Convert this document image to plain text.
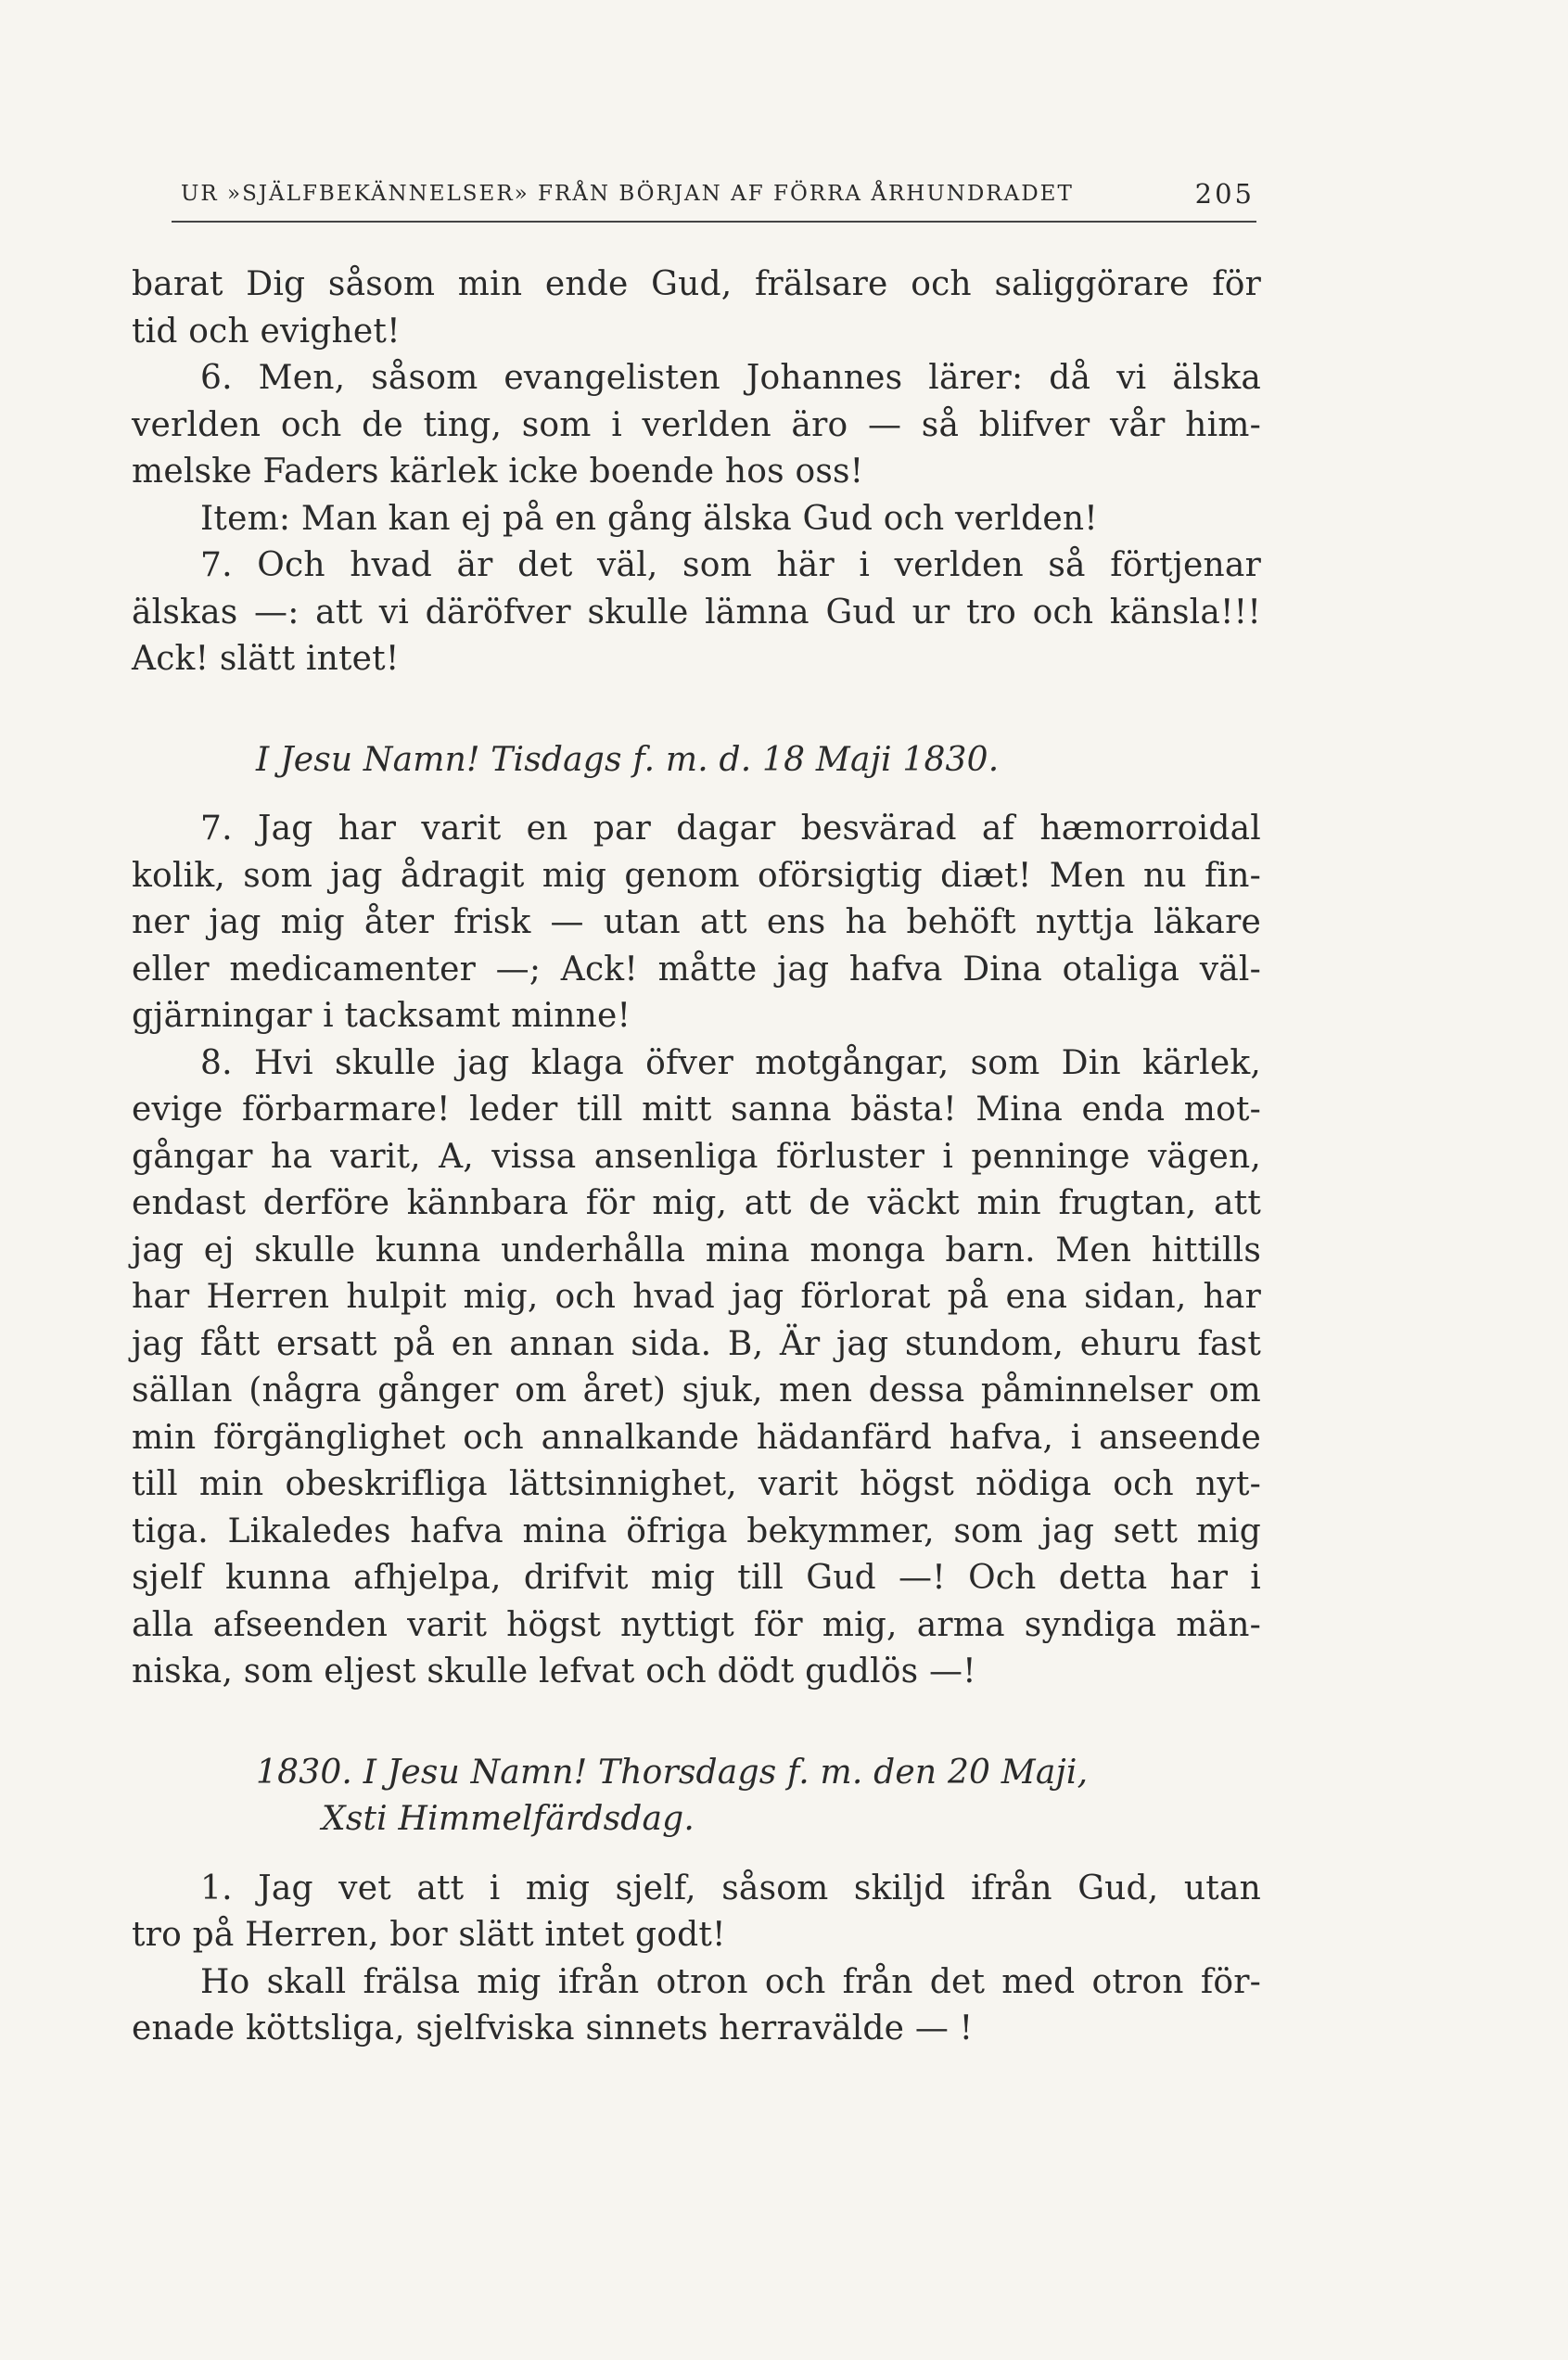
UR »SJÄLFBEKÄNNELSER» FRÅN BÖRJAN AF FÖRRA ÅRHUNDRADET	205
barat Dig såsom min ende Gud, frälsare och saliggörare för
tid och evighet!
6. Men, såsom evangelisten Johannes lärer: då vi älska
verlden och de ting, som i verlden äro — så blifver vår him-
melske Faders kärlek icke boende hos oss!
Item: Man kan ej på en gång älska Gud och verlden!
7. Och hvad är det väl, som här i verlden så förtjenar
älskas —: att vi däröfver skulle lämna Gud ur tro och känsla!!!
Ack! slätt intet!
I Jesu Namn! Tisdags f. m. d. 18 Maji 1830.
7. Jag har varit en par dagar besvärad af hæmorroidal
kolik, som jag ådragit mig genom oförsigtig diæt! Men nu fin-
ner jag mig åter frisk — utan att ens ha behöft nyttja läkare
eller medicamenter —; Ack! måtte jag hafva Dina otaliga väl-
gjärningar i tacksamt minne!
8. Hvi skulle jag klaga öfver motgångar, som Din kärlek,
evige förbarmare! leder till mitt sanna bästa! Mina enda mot-
gångar ha varit, A, vissa ansenliga förluster i penninge vägen,
endast derföre kännbara för mig, att de väckt min frugtan, att
jag ej skulle kunna underhålla mina monga barn. Men hittills
har Herren hulpit mig, och hvad jag förlorat på ena sidan, har
jag fått ersatt på en annan sida. B, Är jag stundom, ehuru fast
sällan (några gånger om året) sjuk, men dessa påminnelser om
min förgänglighet och annalkande hädanfärd hafva, i anseende
till min obeskrifliga lättsinnighet, varit högst nödiga och nyt-
tiga. Likaledes hafva mina öfriga bekymmer, som jag sett mig
sjelf kunna afhjelpa, drifvit mig till Gud —! Och detta har i
alla afseenden varit högst nyttigt för mig, arma syndiga män-
niska, som eljest skulle lefvat och dödt gudlös —!
1830. I Jesu Namn! Thorsdags f. m. den 20 Maji,
Xsti Himmelfärdsdag.
1. Jag vet att i mig sjelf, såsom skiljd ifrån Gud, utan
tro på Herren, bor slätt intet godt!
Ho skall frälsa mig ifrån otron och från det med otron för-
enade köttsliga, sjelfviska sinnets herravälde — !
